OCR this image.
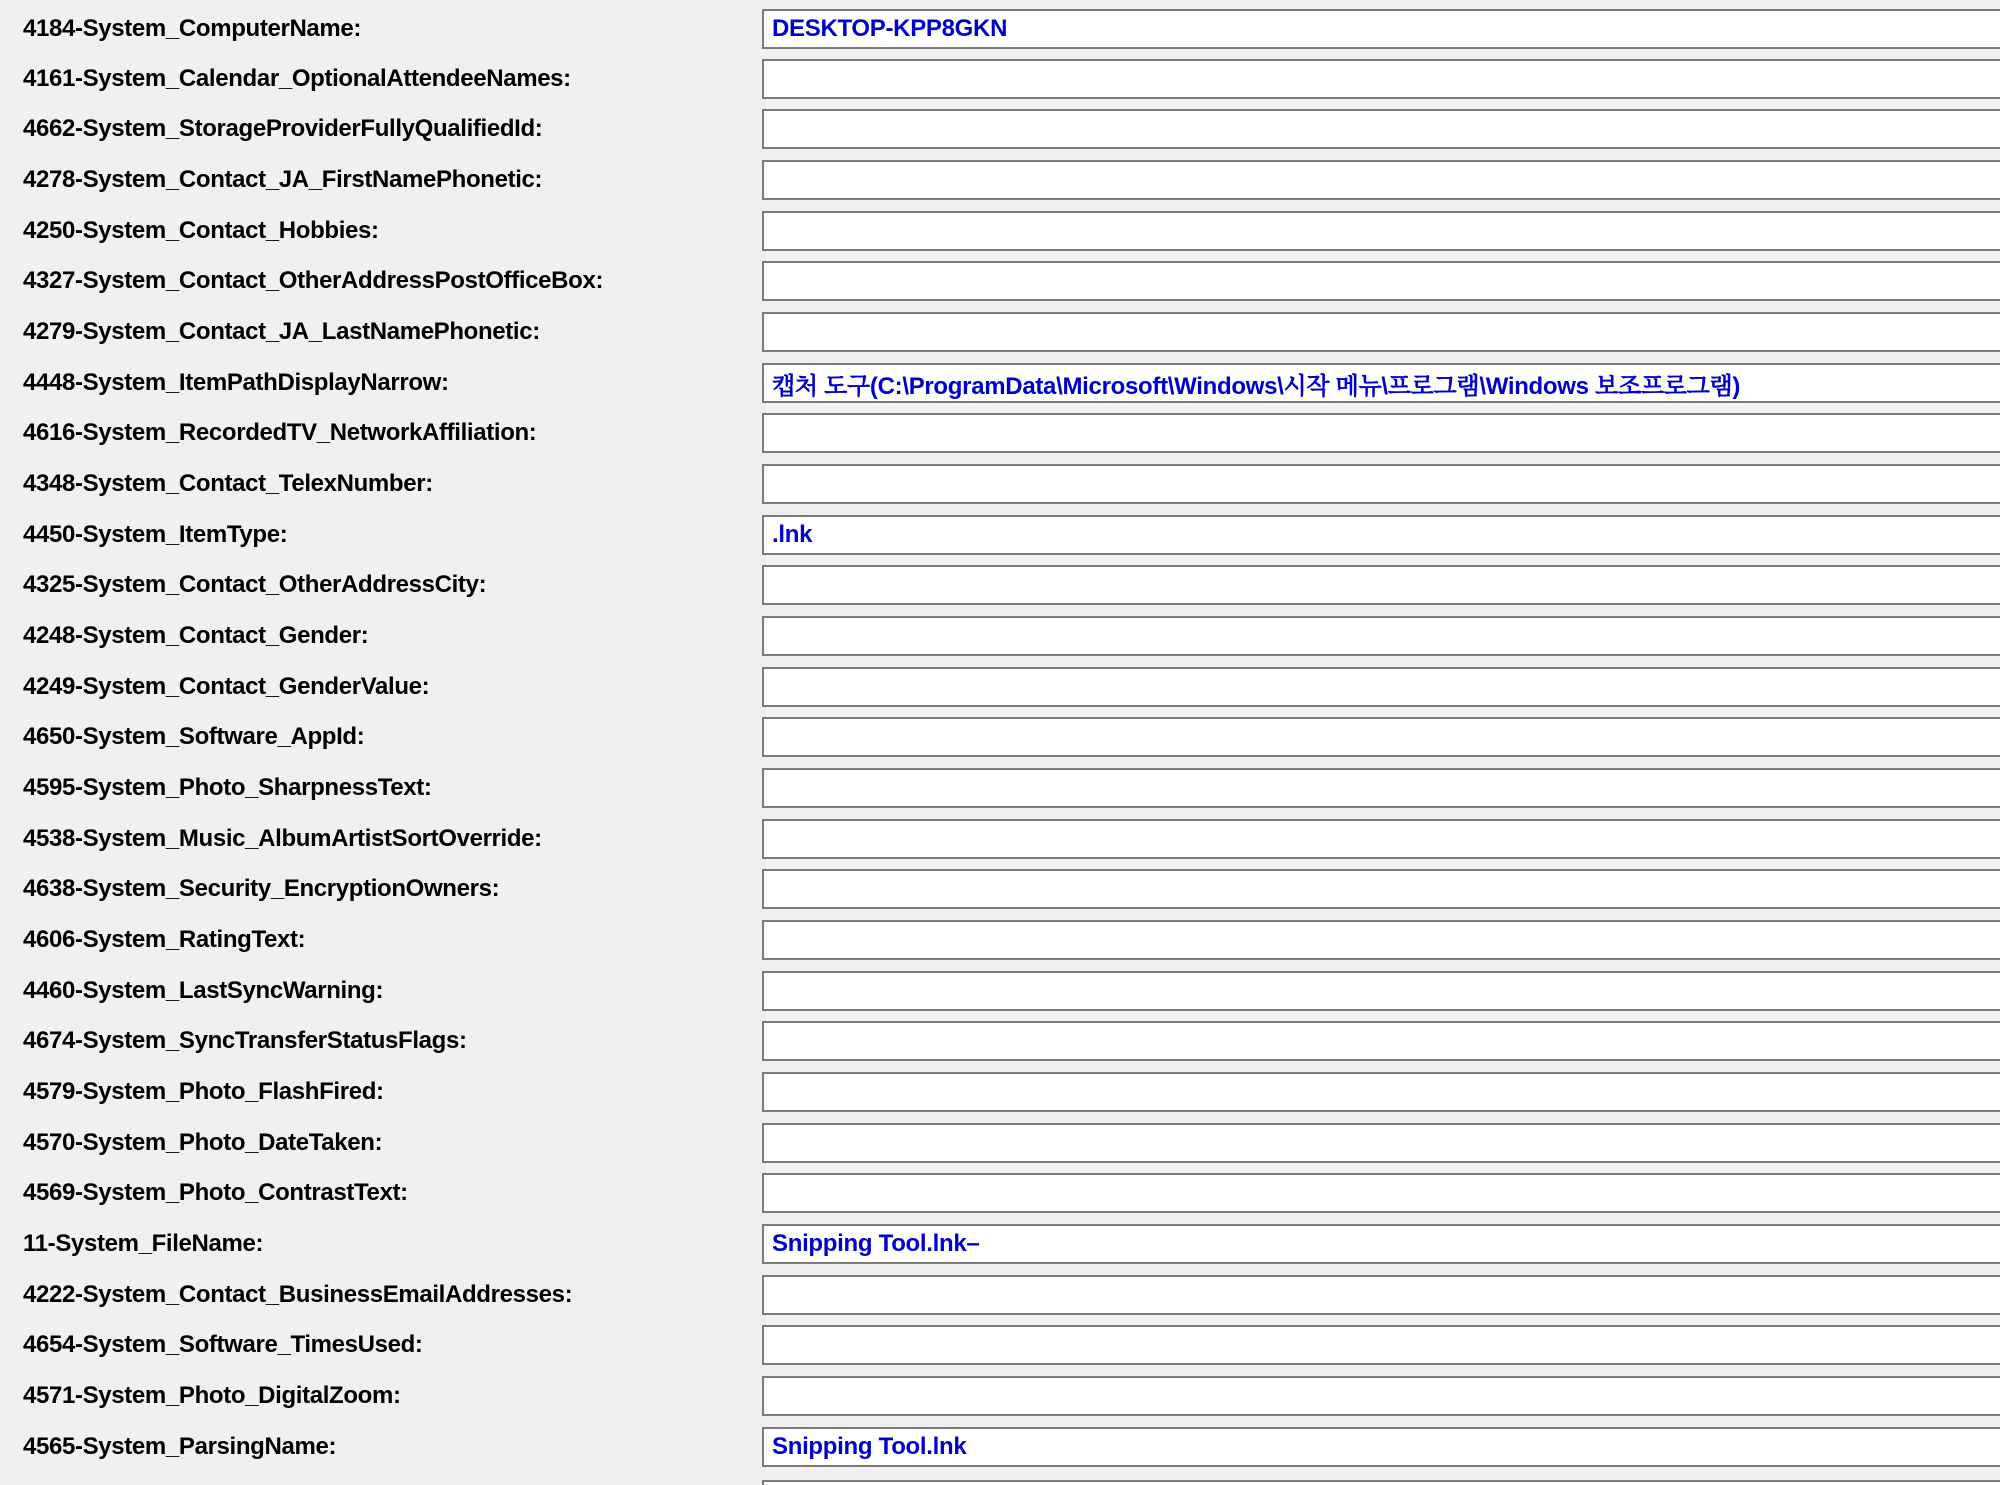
4184-System_ComputerName:
DESKTOP-KPP8GKN
4161-System_Calendar_OptionalAttendeeNames:
4662-System_StorageProviderFullyQualifiedId:
4278-System_Contact_JA_FirstNamePhonetic:
4250-System_Contact_Hobbies:
4327-System_Contact_OtherAddressPostOfficeBox:
4279-System_Contact_JA_LastNamePhonetic:
4448-System_ItemPathDisplayNarrow:
캡처 도구(C:\ProgramData\Microsoft\Windows\시작 메뉴\프로그램\Windows 보조프로그램)
4616-System_RecordedTV_NetworkAffiliation:
4348-System_Contact_TelexNumber:
4450-System_ItemType:
.lnk
4325-System_Contact_OtherAddressCity:
4248-System_Contact_Gender:
4249-System_Contact_GenderValue:
4650-System_Software_AppId:
4595-System_Photo_SharpnessText:
4538-System_Music_AlbumArtistSortOverride:
4638-System_Security_EncryptionOwners:
4606-System_RatingText:
4460-System_LastSyncWarning:
4674-System_SyncTransferStatusFlags:
4579-System_Photo_FlashFired:
4570-System_Photo_DateTaken:
4569-System_Photo_ContrastText:
11-System_FileName:
Snipping Tool.lnk–
4222-System_Contact_BusinessEmailAddresses:
4654-System_Software_TimesUsed:
4571-System_Photo_DigitalZoom:
4565-System_ParsingName:
Snipping Tool.lnk
